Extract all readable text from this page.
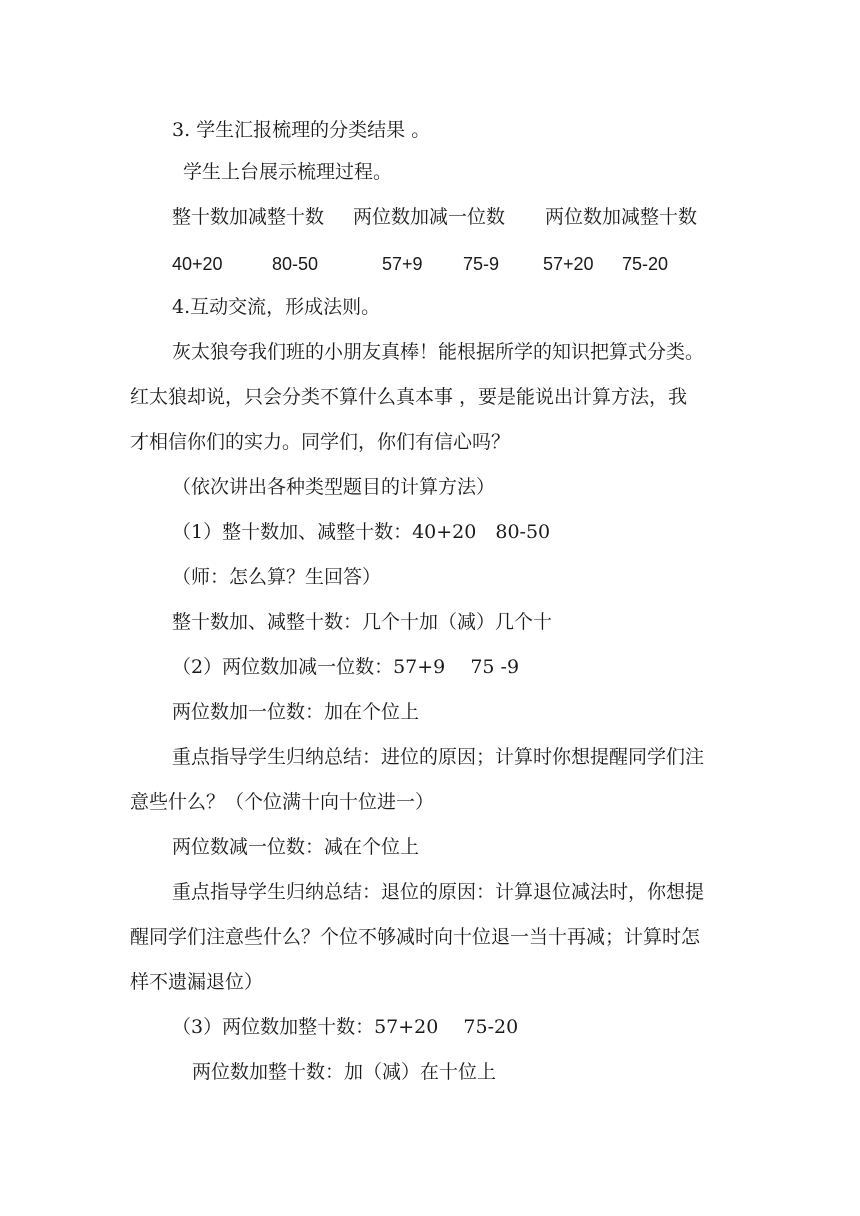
3. 学生汇报梳理的分类结果 。
学生上台展示梳理过程。
整十数加减整十数 两位数加减一位数 两位数加减整十数
40+20	80-50	57+9 75-9 57+20 75-20
4.互动交流，形成法则。
灰太狼夸我们班的小朋友真棒！能根据所学的知识把算式分类。
红太狼却说，只会分类不算什么真本事 ，要是能说出计算方法，我
才相信你们的实力。同学们，你们有信心吗？
（依次讲出各种类型题目的计算方法）
（1）整十数加、减整十数：40+20　80-50
（师：怎么算？生回答）
整十数加、减整十数：几个十加（减）几个十
（2）两位数加减一位数：57+9　 75 -9
两位数加一位数：加在个位上
重点指导学生归纳总结：进位的原因；计算时你想提醒同学们注
意些什么？（个位满十向十位进一）
两位数减一位数：减在个位上
重点指导学生归纳总结：退位的原因：计算退位减法时，你想提
醒同学们注意些什么？个位不够减时向十位退一当十再减；计算时怎
样不遗漏退位）
（3）两位数加整十数：57+20　 75-20
两位数加整十数：加（减）在十位上
